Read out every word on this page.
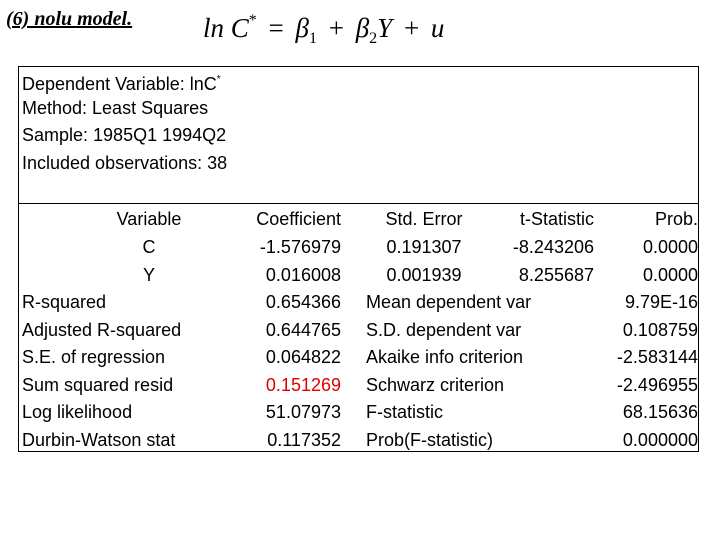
(6) nolu model.	$\ln C^* = \beta_1 + \beta_2Y + u$
Dependent Variable: lnC*
Method: Least Squares
Sample: 1985Q1 1994Q2
Included observations: 38
Variable	Coefficient	Std. Error	t-Statistic	Prob.
C	-1.576979	0.191307	-8.243206	0.0000
Y	0.016008	0.001939	8.255687	0.0000
R-squared	0.654366 Mean dependent var	9.79E-16
Adjusted R-squared	0.644765 S.D. dependent var	0.108759
S.E. of regression	0.064822 Akaike info criterion	-2.583144
Sum squared resid	0.151269 Schwarz criterion	-2.496955
Log likelihood	51.07973 F-statistic	68.15636
Durbin-Watson stat	0.117352 Prob(F-statistic)	0.000000
